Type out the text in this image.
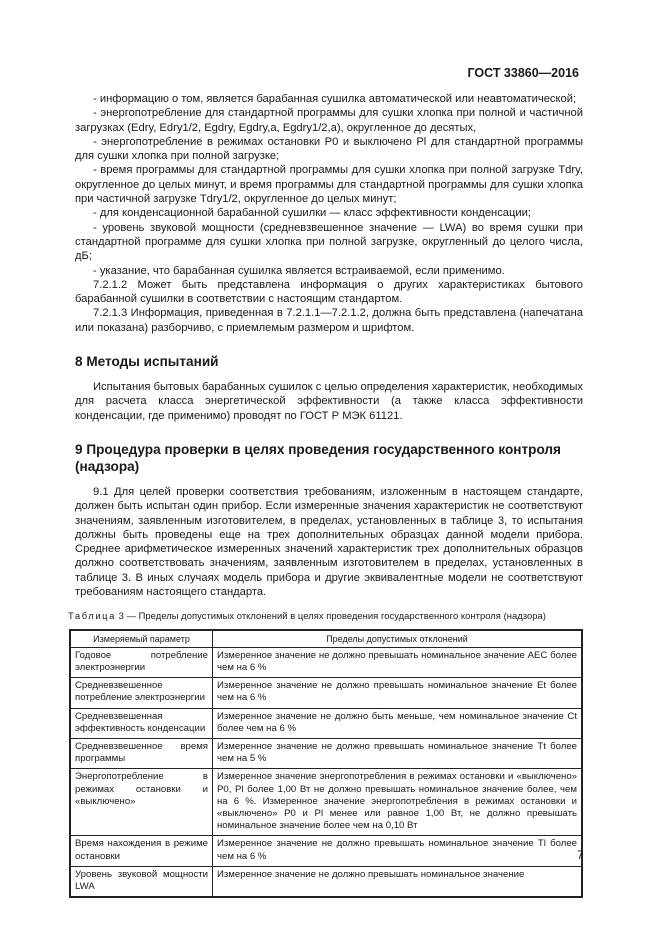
ГОСТ 33860—2016

- информацию о том, является барабанная сушилка автоматической или неавтоматической;

- энергопотребление для стандартной программы для сушки хлопка при полной и частичной загрузках (Edry, Edry1/2, Egdry, Egdry,a, Egdry1/2,a), округленное до десятых,

- энергопотребление в режимах остановки P0 и выключено Pl для стандартной программы для сушки хлопка при полной загрузке;

- время программы для стандартной программы для сушки хлопка при полной загрузке Tdry, округленное до целых минут, и время программы для стандартной программы для сушки хлопка при частичной загрузке Tdry1/2, округленное до целых минут;

- для конденсационной барабанной сушилки — класс эффективности конденсации;

- уровень звуковой мощности (средневзвешенное значение — LWA) во время сушки при стандартной программе для сушки хлопка при полной загрузке, округленный до целого числа, дБ;

- указание, что барабанная сушилка является встраиваемой, если применимо.

7.2.1.2 Может быть представлена информация о других характеристиках бытового барабанной сушилки в соответствии с настоящим стандартом.

7.2.1.3 Информация, приведенная в 7.2.1.1—7.2.1.2, должна быть представлена (напечатана или показана) разборчиво, с приемлемым размером и шрифтом.

8 Методы испытаний

Испытания бытовых барабанных сушилок с целью определения характеристик, необходимых для расчета класса энергетической эффективности (а также класса эффективности конденсации, где применимо) проводят по ГОСТ Р МЭК 61121.

9 Процедура проверки в целях проведения государственного контроля (надзора)

9.1 Для целей проверки соответствия требованиям, изложенным в настоящем стандарте, должен быть испытан один прибор. Если измеренные значения характеристик не соответствуют значениям, заявленным изготовителем, в пределах, установленных в таблице 3, то испытания должны быть проведены еще на трех дополнительных образцах данной модели прибора. Среднее арифметическое измеренных значений характеристик трех дополнительных образцов должно соответствовать значениям, заявленным изготовителем в пределах, установленных в таблице 3. В иных случаях модель прибора и другие эквивалентные модели не соответствуют требованиям настоящего стандарта.

Таблица 3 — Пределы допустимых отклонений в целях проведения государственного контроля (надзора)
Измеряемый параметр	Пределы допустимых отклонений
Годовое потребление электроэнергии	Измеренное значение не должно превышать номинальное значение AEC более чем на 6 %
Средневзвешенное потребление электроэнергии	Измеренное значение не должно превышать номинальное значение Et более чем на 6 %
Средневзвешенная эффективность конденсации	Измеренное значение не должно быть меньше, чем номинальное значение Ct более чем на 6 %
Средневзвешенное время программы	Измеренное значение не должно превышать номинальное значение Tt более чем на 5 %
Энергопотребление в режимах остановки и «выключено»	Измеренное значение энергопотребления в режимах остановки и «выключено» P0, Pl более 1,00 Вт не должно превышать номинальное значение более, чем на 6 %. Измеренное значение энергопотребления в режимах остановки и «выключено» P0 и Pl менее или равное 1,00 Вт, не должно превышать номинальное значение более чем на 0,10 Вт
Время нахождения в режиме остановки	Измеренное значение не должно превышать номинальное значение Tl более чем на 6 %
Уровень звуковой мощности LWA	Измеренное значение не должно превышать номинальное значение
7
